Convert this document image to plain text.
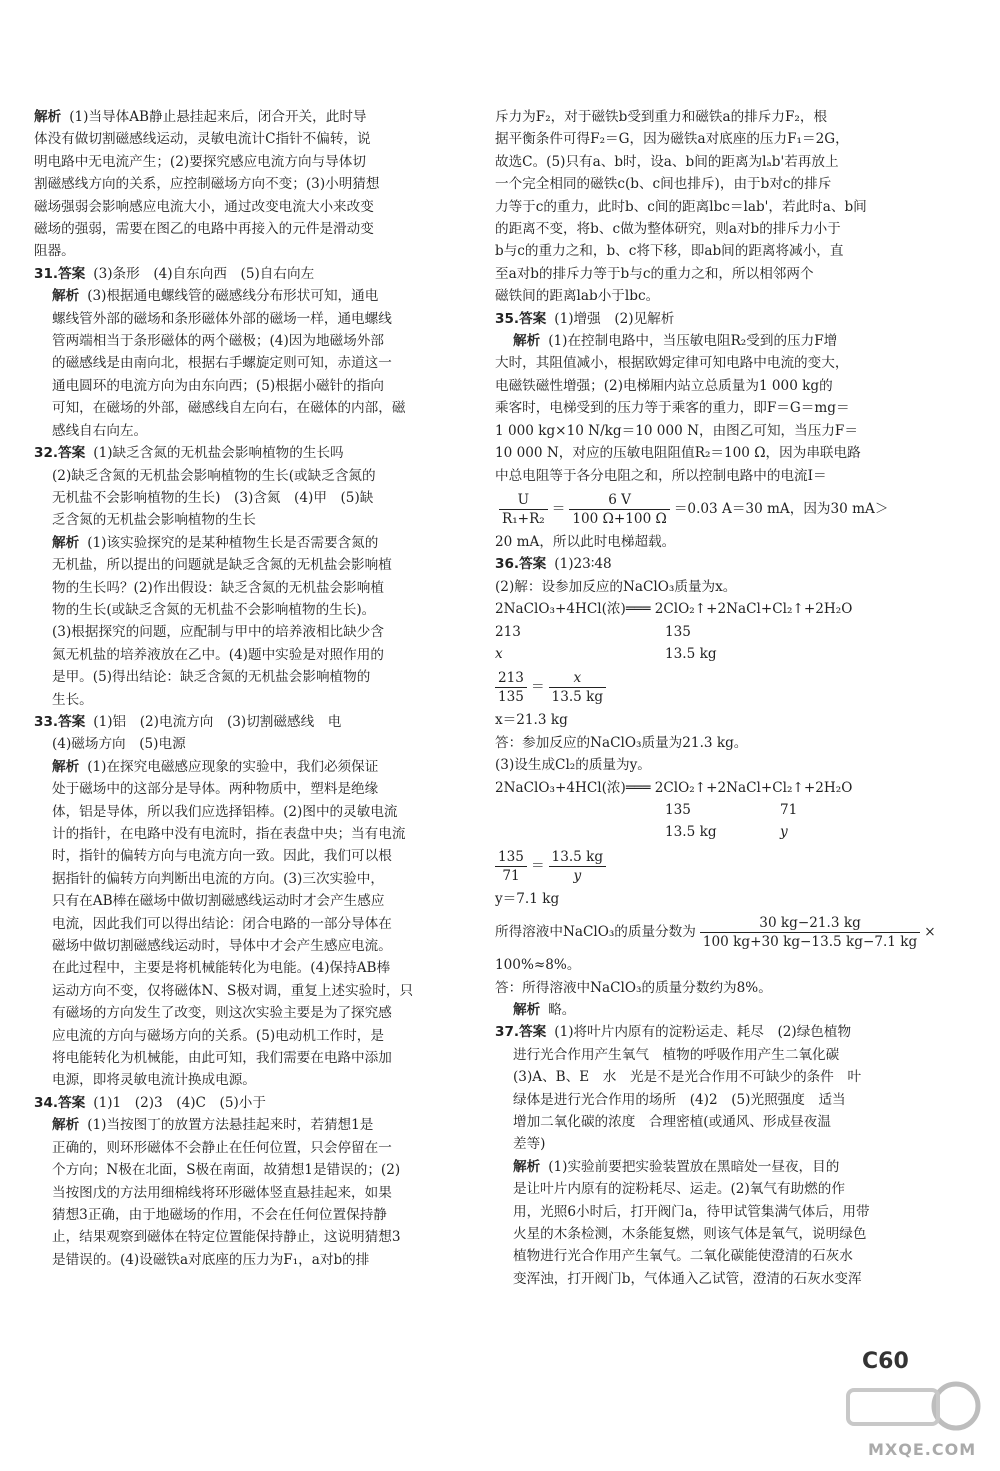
解析 (1)当导体AB静止悬挂起来后，闭合开关，此时导
体没有做切割磁感线运动，灵敏电流计C指针不偏转，说
明电路中无电流产生；(2)要探究感应电流方向与导体切
割磁感线方向的关系，应控制磁场方向不变；(3)小明猜想
磁场强弱会影响感应电流大小，通过改变电流大小来改变
磁场的强弱，需要在图乙的电路中再接入的元件是滑动变
阻器。
31.答案 (3)条形　(4)自东向西　(5)自右向左
解析 (3)根据通电螺线管的磁感线分布形状可知，通电
螺线管外部的磁场和条形磁体外部的磁场一样，通电螺线
管两端相当于条形磁体的两个磁极；(4)因为地磁场外部
的磁感线是由南向北，根据右手螺旋定则可知，赤道这一
通电圆环的电流方向为由东向西；(5)根据小磁针的指向
可知，在磁场的外部，磁感线自左向右，在磁体的内部，磁
感线自右向左。
32.答案 (1)缺乏含氮的无机盐会影响植物的生长吗
(2)缺乏含氮的无机盐会影响植物的生长(或缺乏含氮的
无机盐不会影响植物的生长)　(3)含氮　(4)甲　(5)缺
乏含氮的无机盐会影响植物的生长
解析 (1)该实验探究的是某种植物生长是否需要含氮的
无机盐，所以提出的问题就是缺乏含氮的无机盐会影响植
物的生长吗？(2)作出假设：缺乏含氮的无机盐会影响植
物的生长(或缺乏含氮的无机盐不会影响植物的生长)。
(3)根据探究的问题，应配制与甲中的培养液相比缺少含
氮无机盐的培养液放在乙中。(4)题中实验是对照作用的
是甲。(5)得出结论：缺乏含氮的无机盐会影响植物的
生长。
33.答案 (1)铝　(2)电流方向　(3)切割磁感线　电
(4)磁场方向　(5)电源
解析 (1)在探究电磁感应现象的实验中，我们必须保证
处于磁场中的这部分是导体。两种物质中，塑料是绝缘
体，铝是导体，所以我们应选择铝棒。(2)图中的灵敏电流
计的指针，在电路中没有电流时，指在表盘中央；当有电流
时，指针的偏转方向与电流方向一致。因此，我们可以根
据指针的偏转方向判断出电流的方向。(3)三次实验中，
只有在AB棒在磁场中做切割磁感线运动时才会产生感应
电流，因此我们可以得出结论：闭合电路的一部分导体在
磁场中做切割磁感线运动时，导体中才会产生感应电流。
在此过程中，主要是将机械能转化为电能。(4)保持AB棒
运动方向不变，仅将磁体N、S极对调，重复上述实验时，只
有磁场的方向发生了改变，则这次实验主要是为了探究感
应电流的方向与磁场方向的关系。(5)电动机工作时，是
将电能转化为机械能，由此可知，我们需要在电路中添加
电源，即将灵敏电流计换成电源。
34.答案 (1)1　(2)3　(4)C　(5)小于
解析 (1)当按图丁的放置方法悬挂起来时，若猜想1是
正确的，则环形磁体不会静止在任何位置，只会停留在一
个方向；N极在北面，S极在南面，故猜想1是错误的；(2)
当按图戊的方法用细棉线将环形磁体竖直悬挂起来，如果
猜想3正确，由于地磁场的作用，不会在任何位置保持静
止，结果观察到磁体在特定位置能保持静止，这说明猜想3
是错误的。(4)设磁铁a对底座的压力为F₁，a对b的排
斥力为F₂，对于磁铁b受到重力和磁铁a的排斥力F₂，根
据平衡条件可得F₂＝G，因为磁铁a对底座的压力F₁＝2G，
故选C。(5)只有a、b时，设a、b间的距离为lₐb'若再放上
一个完全相同的磁铁c(b、c间也排斥)，由于b对c的排斥
力等于c的重力，此时b、c间的距离lbc＝lab'，若此时a、b间
的距离不变，将b、c做为整体研究，则a对b的排斥力小于
b与c的重力之和，b、c将下移，即ab间的距离将减小，直
至a对b的排斥力等于b与c的重力之和，所以相邻两个
磁铁间的距离lab小于lbc。
35.答案 (1)增强　(2)见解析
解析 (1)在控制电路中，当压敏电阻R₂受到的压力F增
大时，其阻值减小，根据欧姆定律可知电路中电流的变大，
电磁铁磁性增强；(2)电梯厢内站立总质量为1 000 kg的
乘客时，电梯受到的压力等于乘客的重力，即F＝G＝mg＝
1 000 kg×10 N/kg＝10 000 N，由图乙可知，当压力F＝
10 000 N，对应的压敏电阻阻值R₂＝100 Ω，因为串联电路
中总电阻等于各分电阻之和，所以控制电路中的电流I＝
$\frac{U}{\text{R₁+R₂}} = \frac{6 V}{100 \Omega+100 \Omega} =0.03$ A＝30 mA，因为30 mA＞
20 mA，所以此时电梯超载。
36.答案 (1)23∶48
(2)解：设参加反应的NaClO₃质量为x。
2NaClO₃+4HCl(浓)═══ 2ClO₂↑+2NaCl+Cl₂↑+2H₂O
213	135
x	13.5 kg
$\frac{213}{135} = \frac{x}{13.5 kg}$
x＝21.3 kg
答：参加反应的NaClO₃质量为21.3 kg。
(3)设生成Cl₂的质量为y。
2NaClO₃+4HCl(浓)═══ 2ClO₂↑+2NaCl+Cl₂↑+2H₂O
135	71
13.5 kg	y
$\frac{135}{71} = \frac{13.5 kg}{y}$
y＝7.1 kg
所得溶液中NaClO₃的质量分数为 $\frac{30 kg-21.3 kg}{100 kg+30 kg-13.5 kg-7.1 kg}$ ×
100%≈8%。
答：所得溶液中NaClO₃的质量分数约为8%。
解析 略。
37.答案 (1)将叶片内原有的淀粉运走、耗尽　(2)绿色植物
进行光合作用产生氧气　植物的呼吸作用产生二氧化碳
(3)A、B、E　水　光是不是光合作用不可缺少的条件　叶
绿体是进行光合作用的场所　(4)2　(5)光照强度　适当
增加二氧化碳的浓度　合理密植(或通风、形成昼夜温
差等)
解析 (1)实验前要把实验装置放在黑暗处一昼夜，目的
是让叶片内原有的淀粉耗尽、运走。(2)氧气有助燃的作
用，光照6小时后，打开阀门a，待甲试管集满气体后，用带
火星的木条检测，木条能复燃，则该气体是氧气，说明绿色
植物进行光合作用产生氧气。二氧化碳能使澄清的石灰水
变浑浊，打开阀门b，气体通入乙试管，澄清的石灰水变浑
C60
MXQE.COM
